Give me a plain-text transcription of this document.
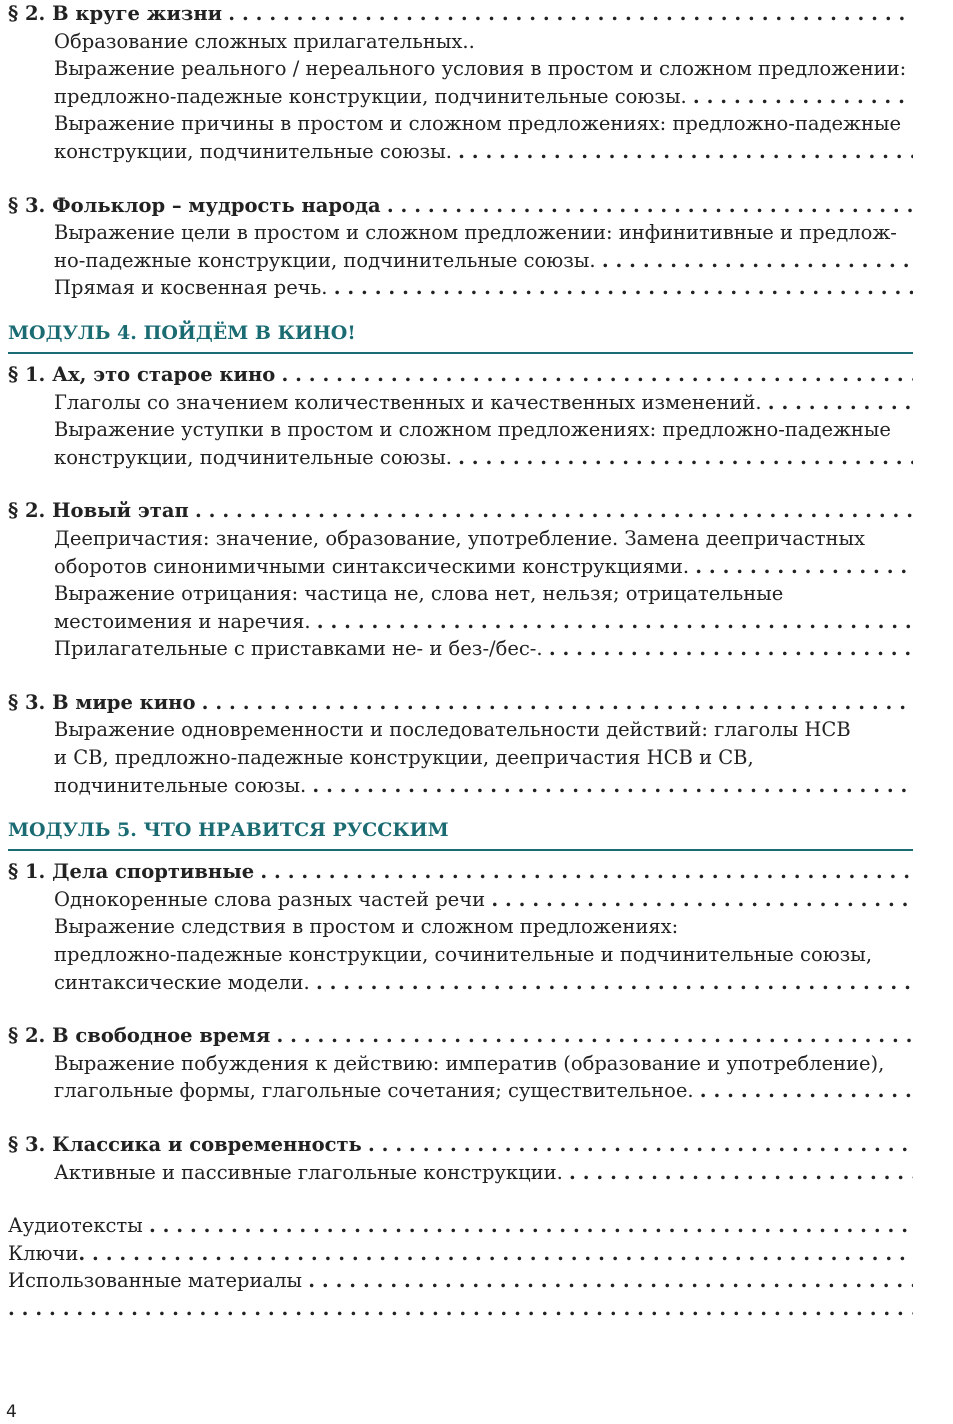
§ 2. В круге жизни . . .
Образование сложных прилагательных..
Выражение реального / нереального условия в простом и сложном предложении:
предложно-падежные конструкции, подчинительные союзы. . . .
Выражение причины в простом и сложном предложениях: предложно-падежные
конструкции, подчинительные союзы. . . .
§ 3. Фольклор – мудрость народа . . .
Выражение цели в простом и сложном предложении: инфинитивные и предлож-
но-падежные конструкции, подчинительные союзы. . . .
Прямая и косвенная речь. . . .
МОДУЛЬ 4. ПОЙДЁМ В КИНО!
§ 1. Ах, это старое кино . . .
Глаголы со значением количественных и качественных изменений. . . .
Выражение уступки в простом и сложном предложениях: предложно-падежные
конструкции, подчинительные союзы. . . .
§ 2. Новый этап . . .
Деепричастия: значение, образование, употребление. Замена деепричастных
оборотов синонимичными синтаксическими конструкциями. . . .
Выражение отрицания: частица не, слова нет, нельзя; отрицательные
местоимения и наречия. . . .
Прилагательные с приставками не- и без-/бес-. . . .
§ 3. В мире кино . . .
Выражение одновременности и последовательности действий: глаголы НСВ
и СВ, предложно-падежные конструкции, деепричастия НСВ и СВ,
подчинительные союзы. . . .
МОДУЛЬ 5. ЧТО НРАВИТСЯ РУССКИМ
§ 1. Дела спортивные . . .
Однокоренные слова разных частей речи . . .
Выражение следствия в простом и сложном предложениях:
предложно-падежные конструкции, сочинительные и подчинительные союзы,
синтаксические модели. . . .
§ 2. В свободное время . . .
Выражение побуждения к действию: императив (образование и употребление),
глагольные формы, глагольные сочетания; существительное. . . .
§ 3. Классика и современность . . .
Активные и пассивные глагольные конструкции. . . .
Аудиотексты . . .
Ключи . . .
Использованные материалы . . .
. . .
4
